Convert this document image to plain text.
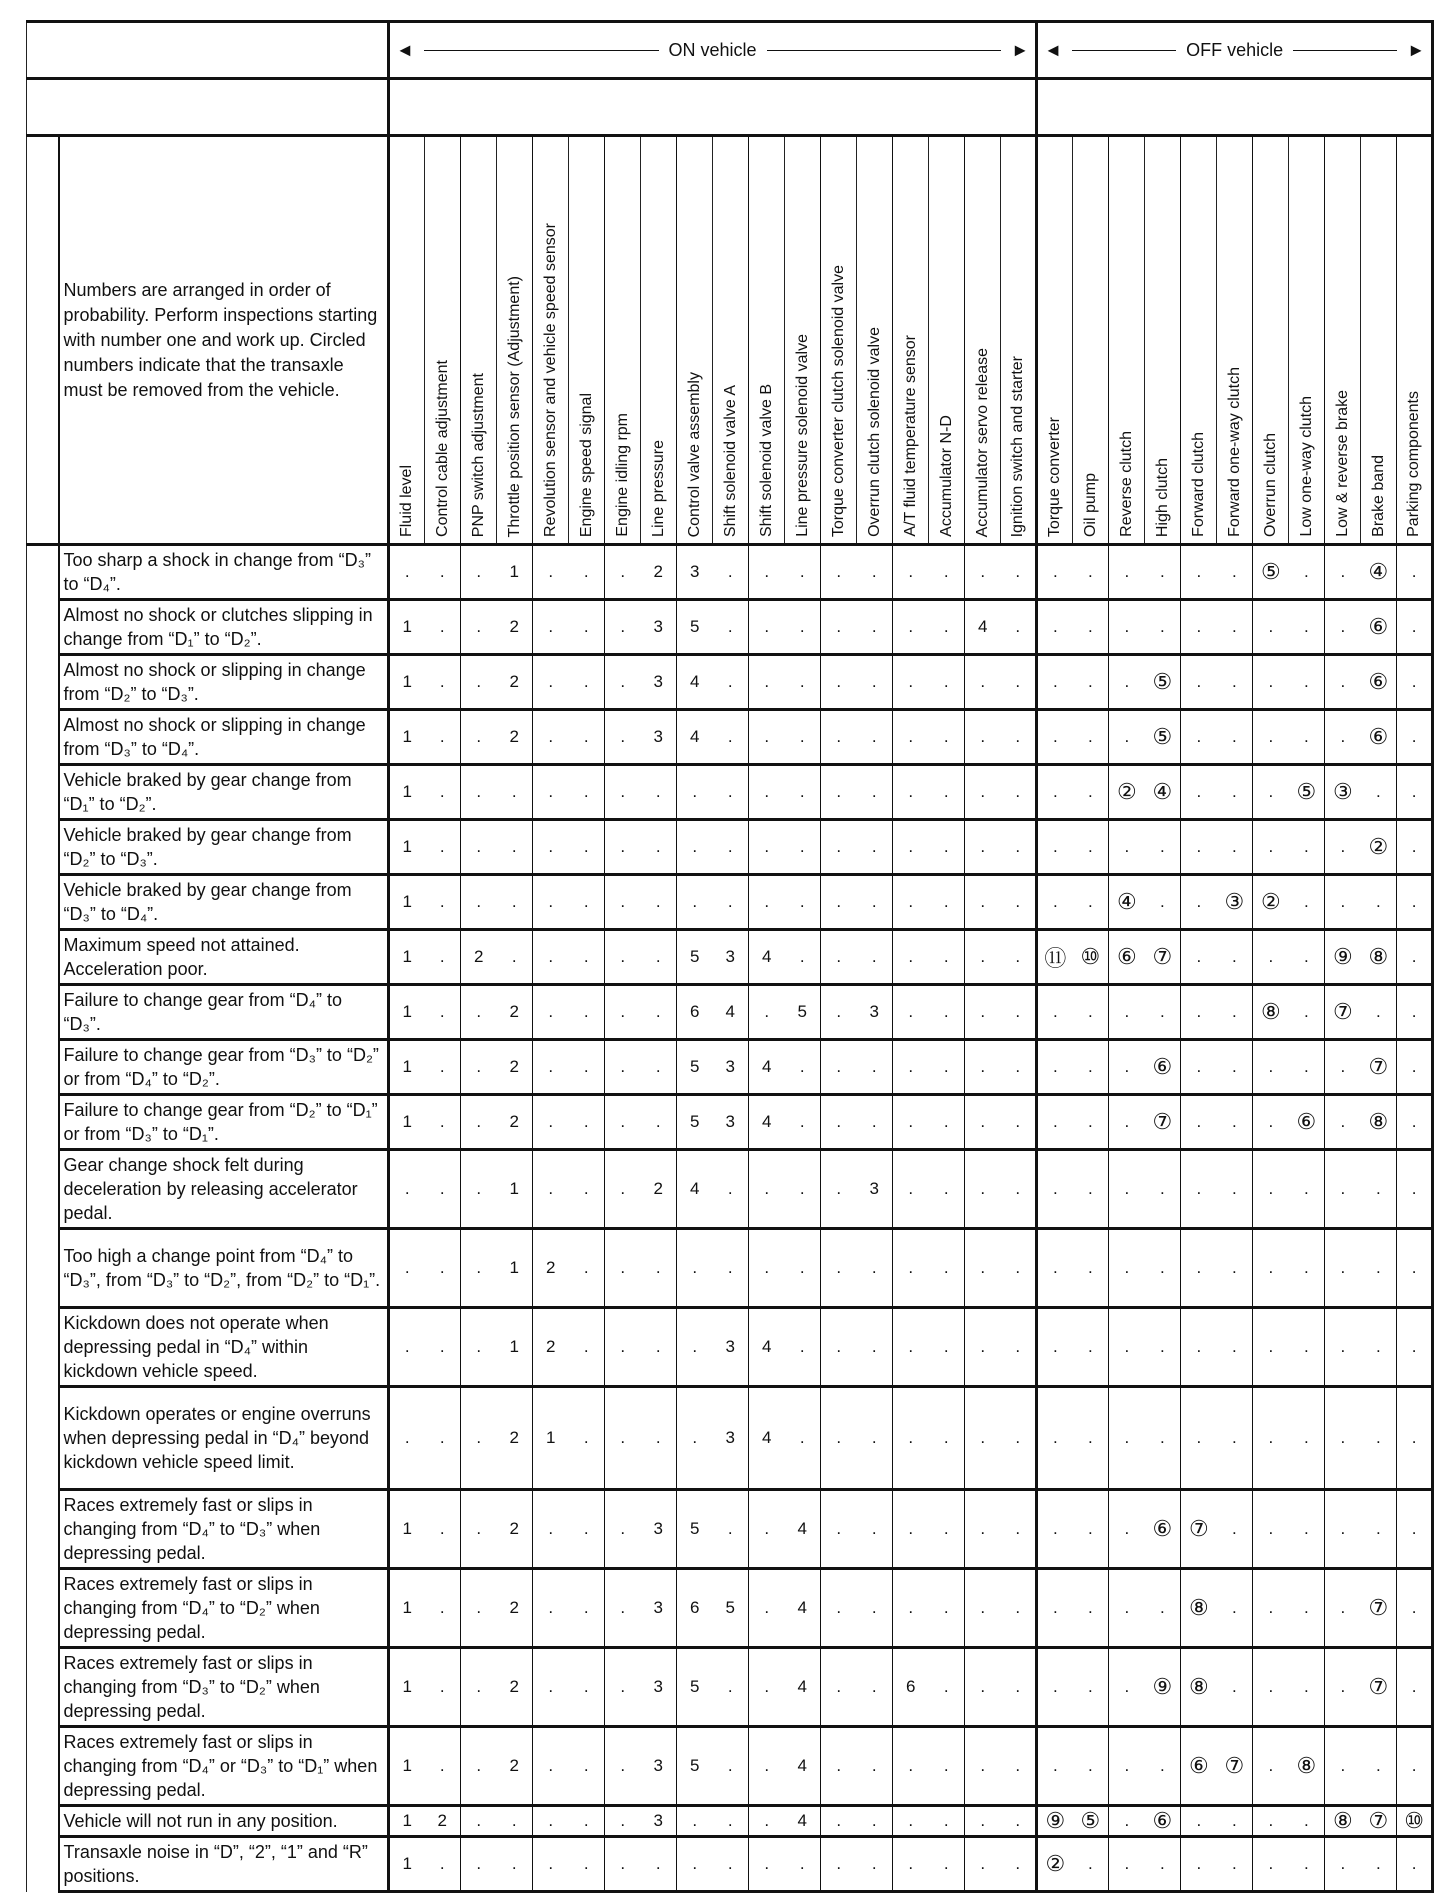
		◄ ON vehicle ►																		◄ OFF vehicle ►										

	Numbers are arranged in order of probability. Perform inspections starting with number one and work up. Circled numbers indicate that the transaxle must be removed from the vehicle.	Fluid level	Control cable adjustment	PNP switch adjustment	Throttle position sensor (Adjustment)	Revolution sensor and vehicle speed sensor	Engine speed signal	Engine idling rpm	Line pressure	Control valve assembly	Shift solenoid valve A	Shift solenoid valve B	Line pressure solenoid valve	Torque converter clutch solenoid valve	Overrun clutch solenoid valve	A/T fluid temperature sensor	Accumulator N-D	Accumulator servo release	Ignition switch and starter	Torque converter	Oil pump	Reverse clutch	High clutch	Forward clutch	Forward one-way clutch	Overrun clutch	Low one-way clutch	Low & reverse brake	Brake band	Parking components

	Too sharp a shock in change from “D₃” to “D₄”.	.	.	.	1	.	.	.	2	3	.	.	.	.	.	.	.	.	.	.	.	.	.	.	.	⑤	.	.	④	.
	Almost no shock or clutches slipping in change from “D₁” to “D₂”.	1	.	.	2	.	.	.	3	5	.	.	.	.	.	.	.	4	.	.	.	.	.	.	.	.	.	.	⑥	.
	Almost no shock or slipping in change from “D₂” to “D₃”.	1	.	.	2	.	.	.	3	4	.	.	.	.	.	.	.	.	.	.	.	.	⑤	.	.	.	.	.	⑥	.
	Almost no shock or slipping in change from “D₃” to “D₄”.	1	.	.	2	.	.	.	3	4	.	.	.	.	.	.	.	.	.	.	.	.	⑤	.	.	.	.	.	⑥	.
	Vehicle braked by gear change from “D₁” to “D₂”.	1	.	.	.	.	.	.	.	.	.	.	.	.	.	.	.	.	.	.	.	②	④	.	.	.	⑤	③	.	.
	Vehicle braked by gear change from “D₂” to “D₃”.	1	.	.	.	.	.	.	.	.	.	.	.	.	.	.	.	.	.	.	.	.	.	.	.	.	.	.	②	.
	Vehicle braked by gear change from “D₃” to “D₄”.	1	.	.	.	.	.	.	.	.	.	.	.	.	.	.	.	.	.	.	.	④	.	.	③	②	.	.	.	.
	Maximum speed not attained. Acceleration poor.	1	.	2	.	.	.	.	.	5	3	4	.	.	.	.	.	.	.	⑪	⑩	⑥	⑦	.	.	.	.	⑨	⑧	.
	Failure to change gear from “D₄” to “D₃”.	1	.	.	2	.	.	.	.	6	4	.	5	.	3	.	.	.	.	.	.	.	.	.	.	⑧	.	⑦	.	.
	Failure to change gear from “D₃” to “D₂” or from “D₄” to “D₂”.	1	.	.	2	.	.	.	.	5	3	4	.	.	.	.	.	.	.	.	.	.	⑥	.	.	.	.	.	⑦	.
	Failure to change gear from “D₂” to “D₁” or from “D₃” to “D₁”.	1	.	.	2	.	.	.	.	5	3	4	.	.	.	.	.	.	.	.	.	.	⑦	.	.	.	⑥	.	⑧	.
	Gear change shock felt during deceleration by releasing accelerator pedal.	.	.	.	1	.	.	.	2	4	.	.	.	.	3	.	.	.	.	.	.	.	.	.	.	.	.	.	.	.
	Too high a change point from “D₄” to “D₃”, from “D₃” to “D₂”, from “D₂” to “D₁”.	.	.	.	1	2	.	.	.	.	.	.	.	.	.	.	.	.	.	.	.	.	.	.	.	.	.	.	.	.
	Kickdown does not operate when depressing pedal in “D₄” within kickdown vehicle speed.	.	.	.	1	2	.	.	.	.	3	4	.	.	.	.	.	.	.	.	.	.	.	.	.	.	.	.	.	.
	Kickdown operates or engine overruns when depressing pedal in “D₄” beyond kickdown vehicle speed limit.	.	.	.	2	1	.	.	.	.	3	4	.	.	.	.	.	.	.	.	.	.	.	.	.	.	.	.	.	.
	Races extremely fast or slips in changing from “D₄” to “D₃” when depressing pedal.	1	.	.	2	.	.	.	3	5	.	.	4	.	.	.	.	.	.	.	.	.	⑥	⑦	.	.	.	.	.	.
	Races extremely fast or slips in changing from “D₄” to “D₂” when depressing pedal.	1	.	.	2	.	.	.	3	6	5	.	4	.	.	.	.	.	.	.	.	.	.	⑧	.	.	.	.	⑦	.
	Races extremely fast or slips in changing from “D₃” to “D₂” when depressing pedal.	1	.	.	2	.	.	.	3	5	.	.	4	.	.	6	.	.	.	.	.	.	⑨	⑧	.	.	.	.	⑦	.
	Races extremely fast or slips in changing from “D₄” or “D₃” to “D₁” when depressing pedal.	1	.	.	2	.	.	.	3	5	.	.	4	.	.	.	.	.	.	.	.	.	.	⑥	⑦	.	⑧	.	.	.
	Vehicle will not run in any position.	1	2	.	.	.	.	.	3	.	.	.	4	.	.	.	.	.	.	⑨	⑤	.	⑥	.	.	.	.	⑧	⑦	⑩
	Transaxle noise in “D”, “2”, “1” and “R” positions.	1	.	.	.	.	.	.	.	.	.	.	.	.	.	.	.	.	.	②	.	.	.	.	.	.	.	.	.	.
